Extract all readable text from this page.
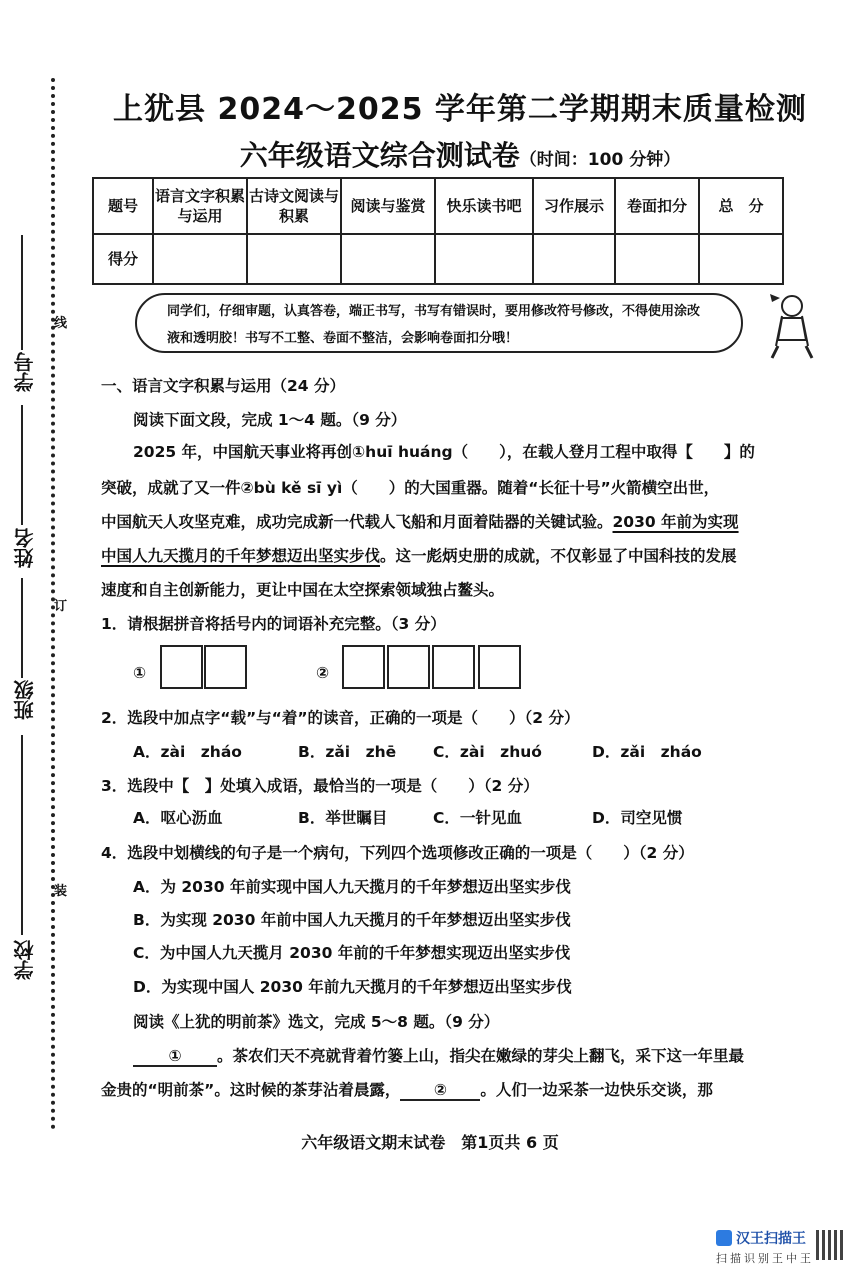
学校
班级
姓名
学号
线
订
装
上犹县 2024～2025 学年第二学期期末质量检测
六年级语文综合测试卷（时间：100 分钟）
题号	语言文字积累与运用	古诗文阅读与积累	阅读与鉴赏	快乐读书吧	习作展示	卷面扣分	总　分
得分							
同学们，仔细审题，认真答卷，端正书写，书写有错误时，要用修改符号修改，不得使用涂改
液和透明胶！书写不工整、卷面不整洁，会影响卷面扣分哦！
一、语言文字积累与运用（24 分）
阅读下面文段，完成 1～4 题。（9 分）
2025 年，中国航天事业将再创①huī huáng（　　），在载人登月工程中取得【　　】的
突破，成就了又一件②bù kě sī yì（　　）的大国重器。随着“长征十号”火箭横空出世，
中国航天人攻坚克难，成功完成新一代载人飞船和月面着陆器的关键试验。2030 年前为实现
中国人九天揽月的千年梦想迈出坚实步伐。这一彪炳史册的成就，不仅彰显了中国科技的发展
速度和自主创新能力，更让中国在太空探索领域独占鳌头。
1．请根据拼音将括号内的词语补充完整。（3 分）
①	②
2．选段中加点字“载”与“着”的读音，正确的一项是（　　）（2 分）
A．zài　zháo	B．zǎi　zhē C．zài　zhuó	D．zǎi　zháo
3．选段中【　】处填入成语，最恰当的一项是（　　）（2 分）
A．呕心沥血	B．举世瞩目	C．一针见血	D．司空见惯
4．选段中划横线的句子是一个病句，下列四个选项修改正确的一项是（　　）（2 分）
A．为 2030 年前实现中国人九天揽月的千年梦想迈出坚实步伐
B．为实现 2030 年前中国人九天揽月的千年梦想迈出坚实步伐
C．为中国人九天揽月 2030 年前的千年梦想实现迈出坚实步伐
D．为实现中国人 2030 年前九天揽月的千年梦想迈出坚实步伐
阅读《上犹的明前茶》选文，完成 5～8 题。（9 分）
① 。茶农们天不亮就背着竹篓上山，指尖在嫩绿的芽尖上翻飞，采下这一年里最
金贵的“明前茶”。这时候的茶芽沾着晨露， ② 。人们一边采茶一边快乐交谈，那
六年级语文期末试卷　第1页共 6 页
汉王扫描王
扫描识别王中王
